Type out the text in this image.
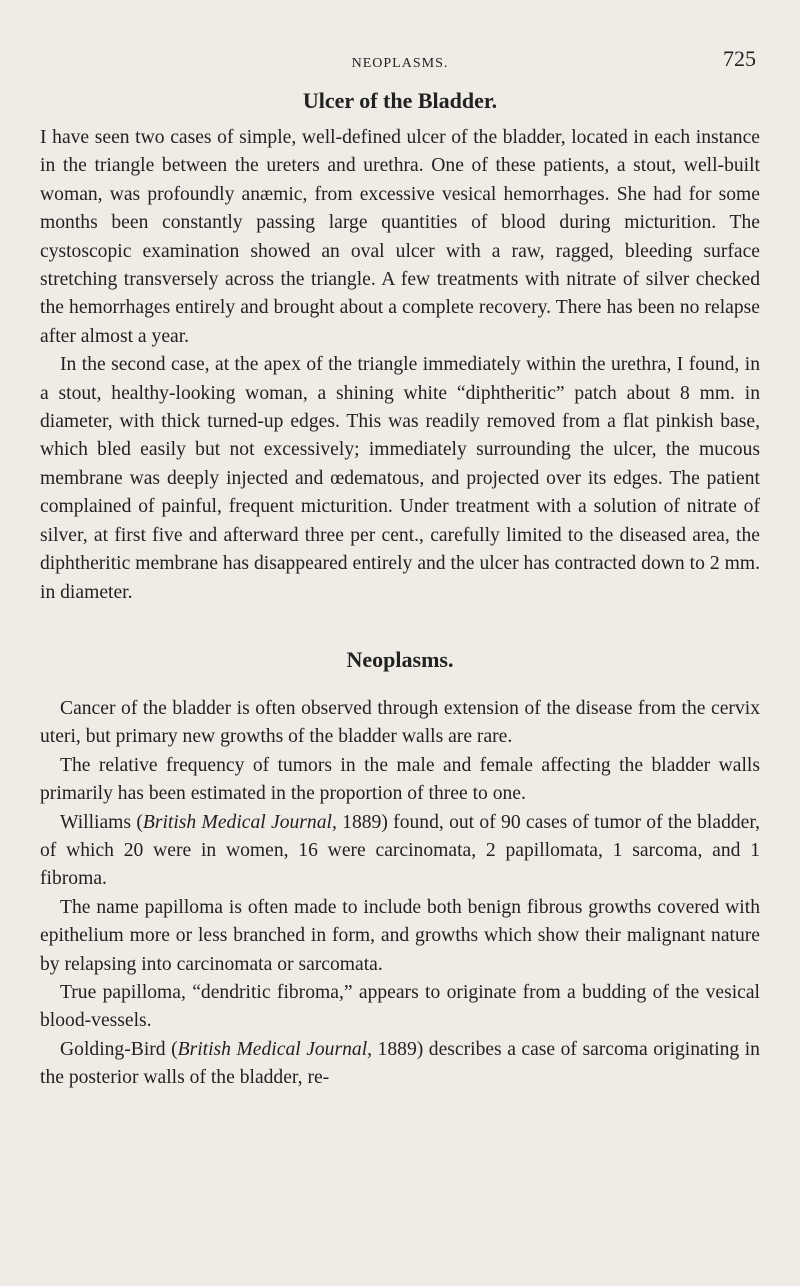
NEOPLASMS.	725
Ulcer of the Bladder.

I have seen two cases of simple, well-defined ulcer of the bladder, located in each instance in the triangle between the ureters and urethra. One of these patients, a stout, well-built woman, was profoundly anæmic, from excessive vesical hemorrhages. She had for some months been constantly passing large quantities of blood during micturition. The cystoscopic examination showed an oval ulcer with a raw, ragged, bleeding surface stretching transversely across the triangle. A few treatments with nitrate of silver checked the hemorrhages entirely and brought about a complete recovery. There has been no relapse after almost a year.

In the second case, at the apex of the triangle immediately within the urethra, I found, in a stout, healthy-looking woman, a shining white “diphtheritic” patch about 8 mm. in diameter, with thick turned-up edges. This was readily removed from a flat pinkish base, which bled easily but not excessively; immediately surrounding the ulcer, the mucous membrane was deeply injected and œdematous, and projected over its edges. The patient complained of painful, frequent micturition. Under treatment with a solution of nitrate of silver, at first five and afterward three per cent., carefully limited to the diseased area, the diphtheritic membrane has disappeared entirely and the ulcer has contracted down to 2 mm. in diameter.

Neoplasms.

Cancer of the bladder is often observed through extension of the disease from the cervix uteri, but primary new growths of the bladder walls are rare.

The relative frequency of tumors in the male and female affecting the bladder walls primarily has been estimated in the proportion of three to one.

Williams (British Medical Journal, 1889) found, out of 90 cases of tumor of the bladder, of which 20 were in women, 16 were carcinomata, 2 papillomata, 1 sarcoma, and 1 fibroma.

The name papilloma is often made to include both benign fibrous growths covered with epithelium more or less branched in form, and growths which show their malignant nature by relapsing into carcinomata or sarcomata.

True papilloma, “dendritic fibroma,” appears to originate from a budding of the vesical blood-vessels.

Golding-Bird (British Medical Journal, 1889) describes a case of sarcoma originating in the posterior walls of the bladder, re-
